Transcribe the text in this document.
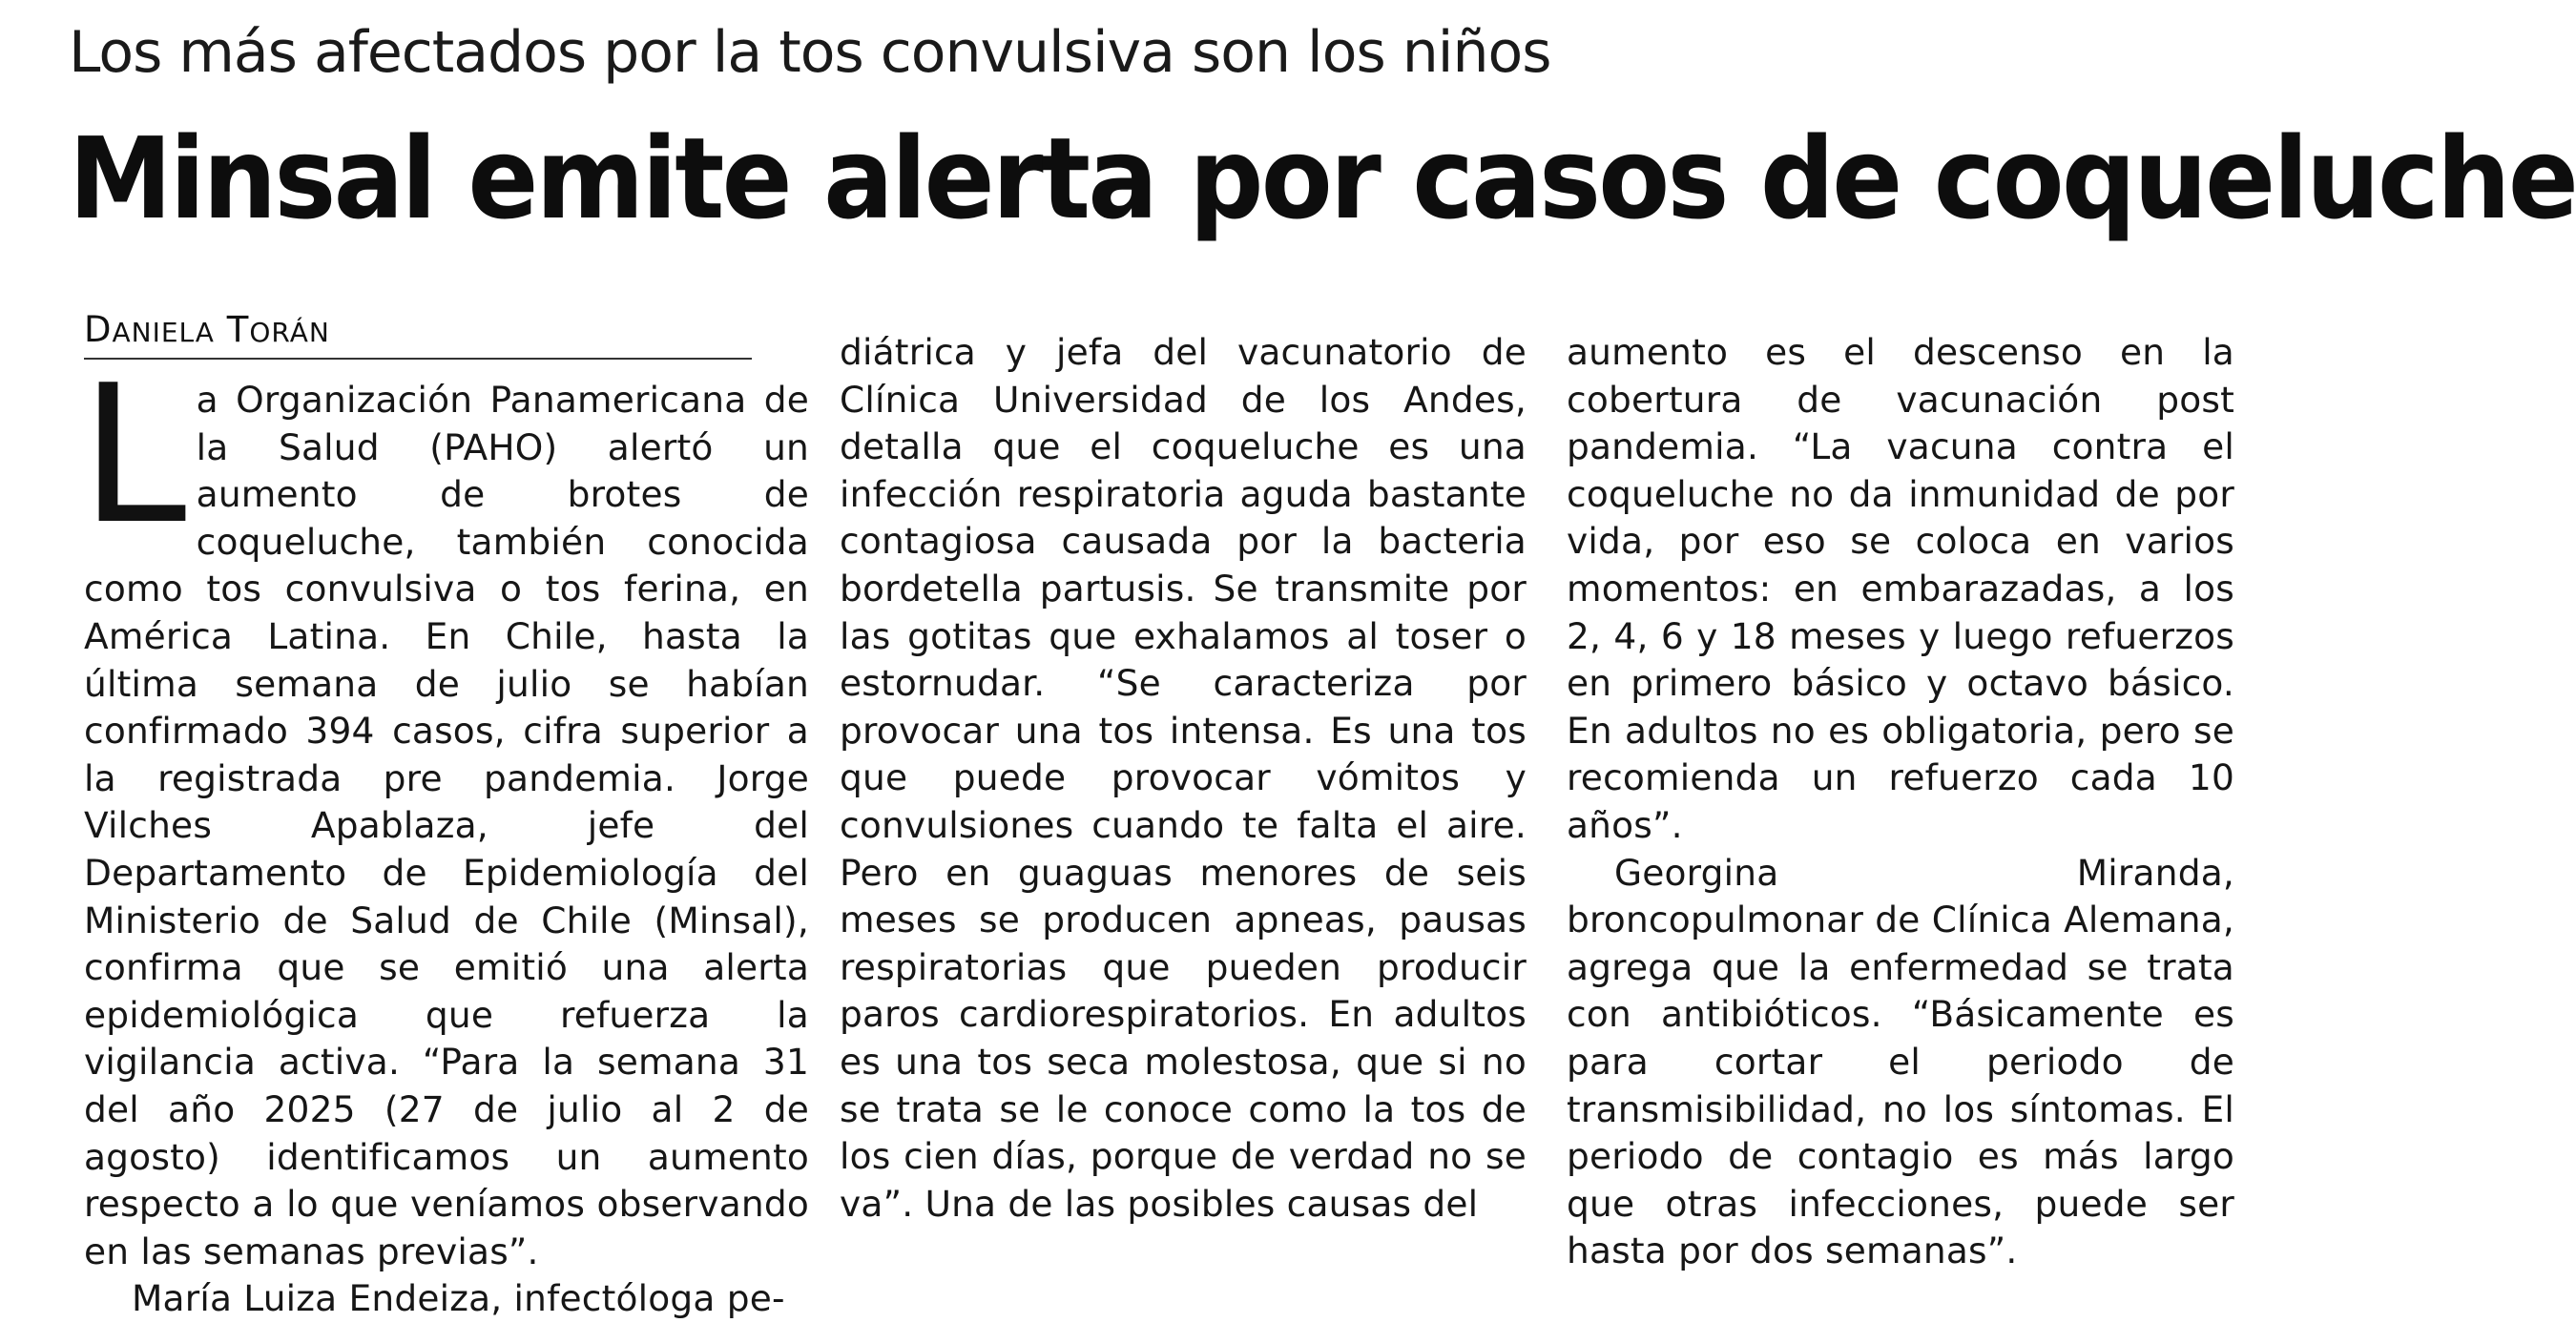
Los más afectados por la tos convulsiva son los niños
Minsal emite alerta por casos de coqueluche
DANIELA TORÁN

La Organización Panamericana de la Salud (PAHO) alertó un aumento de brotes de coqueluche, también conocida como tos convulsiva o tos ferina, en América Latina. En Chile, hasta la última semana de julio se habían confirmado 394 casos, cifra superior a la registrada pre pandemia. Jorge Vilches Apablaza, jefe del Departamento de Epidemiología del Ministerio de Salud de Chile (Minsal), confirma que se emitió una alerta epidemiológica que refuerza la vigilancia activa. “Para la semana 31 del año 2025 (27 de julio al 2 de agosto) identificamos un aumento respecto a lo que veníamos observando en las semanas previas”.

María Luiza Endeiza, infectóloga pe-

diátrica y jefa del vacunatorio de Clínica Universidad de los Andes, detalla que el coqueluche es una infección respiratoria aguda bastante contagiosa causada por la bacteria bordetella partusis. Se transmite por las gotitas que exhalamos al toser o estornudar. “Se caracteriza por provocar una tos intensa. Es una tos que puede provocar vómitos y convulsiones cuando te falta el aire. Pero en guaguas menores de seis meses se producen apneas, pausas respiratorias que pueden producir paros cardiorespiratorios. En adultos es una tos seca molestosa, que si no se trata se le conoce como la tos de los cien días, porque de verdad no se va”. Una de las posibles causas del

aumento es el descenso en la cobertura de vacunación post pandemia. “La vacuna contra el coqueluche no da inmunidad de por vida, por eso se coloca en varios momentos: en embarazadas, a los 2, 4, 6 y 18 meses y luego refuerzos en primero básico y octavo básico. En adultos no es obligatoria, pero se recomienda un refuerzo cada 10 años”.

Georgina Miranda, broncopulmonar de Clínica Alemana, agrega que la enfermedad se trata con antibióticos. “Básicamente es para cortar el periodo de transmisibilidad, no los síntomas. El periodo de contagio es más largo que otras infecciones, puede ser hasta por dos semanas”.
